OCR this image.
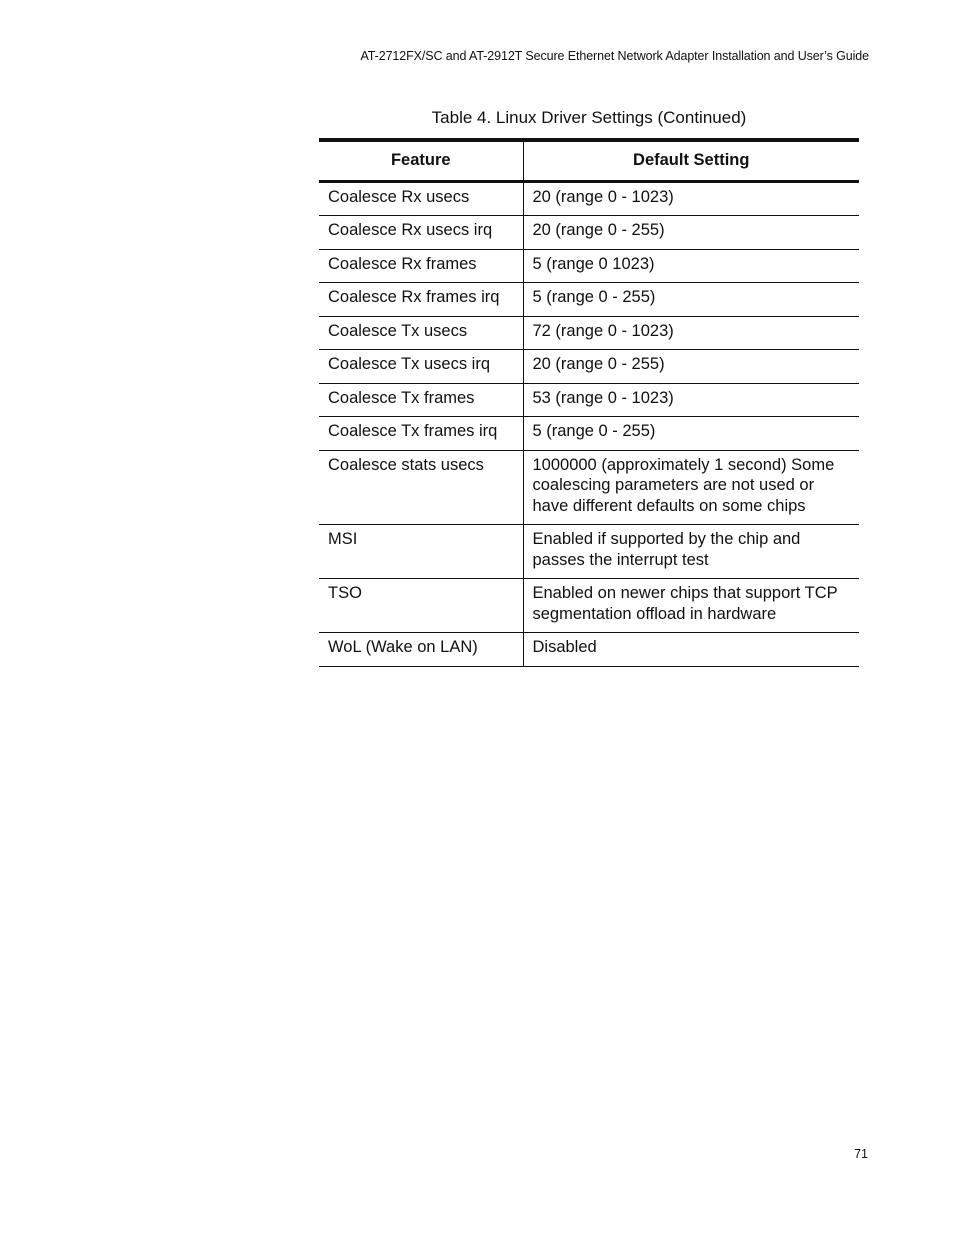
AT-2712FX/SC and AT-2912T Secure Ethernet Network Adapter Installation and User’s Guide
Table 4. Linux Driver Settings (Continued)
Feature	Default Setting
Coalesce Rx usecs	20 (range 0 - 1023)
Coalesce Rx usecs irq	20 (range 0 - 255)
Coalesce Rx frames	5 (range 0 1023)
Coalesce Rx frames irq	5 (range 0 - 255)
Coalesce Tx usecs	72 (range 0 - 1023)
Coalesce Tx usecs irq	20 (range 0 - 255)
Coalesce Tx frames	53 (range 0 - 1023)
Coalesce Tx frames irq	5 (range 0 - 255)
Coalesce stats usecs	1000000 (approximately 1 second) Some coalescing parameters are not used or have different defaults on some chips
MSI	Enabled if supported by the chip and passes the interrupt test
TSO	Enabled on newer chips that support TCP segmentation offload in hardware
WoL (Wake on LAN)	Disabled
71
